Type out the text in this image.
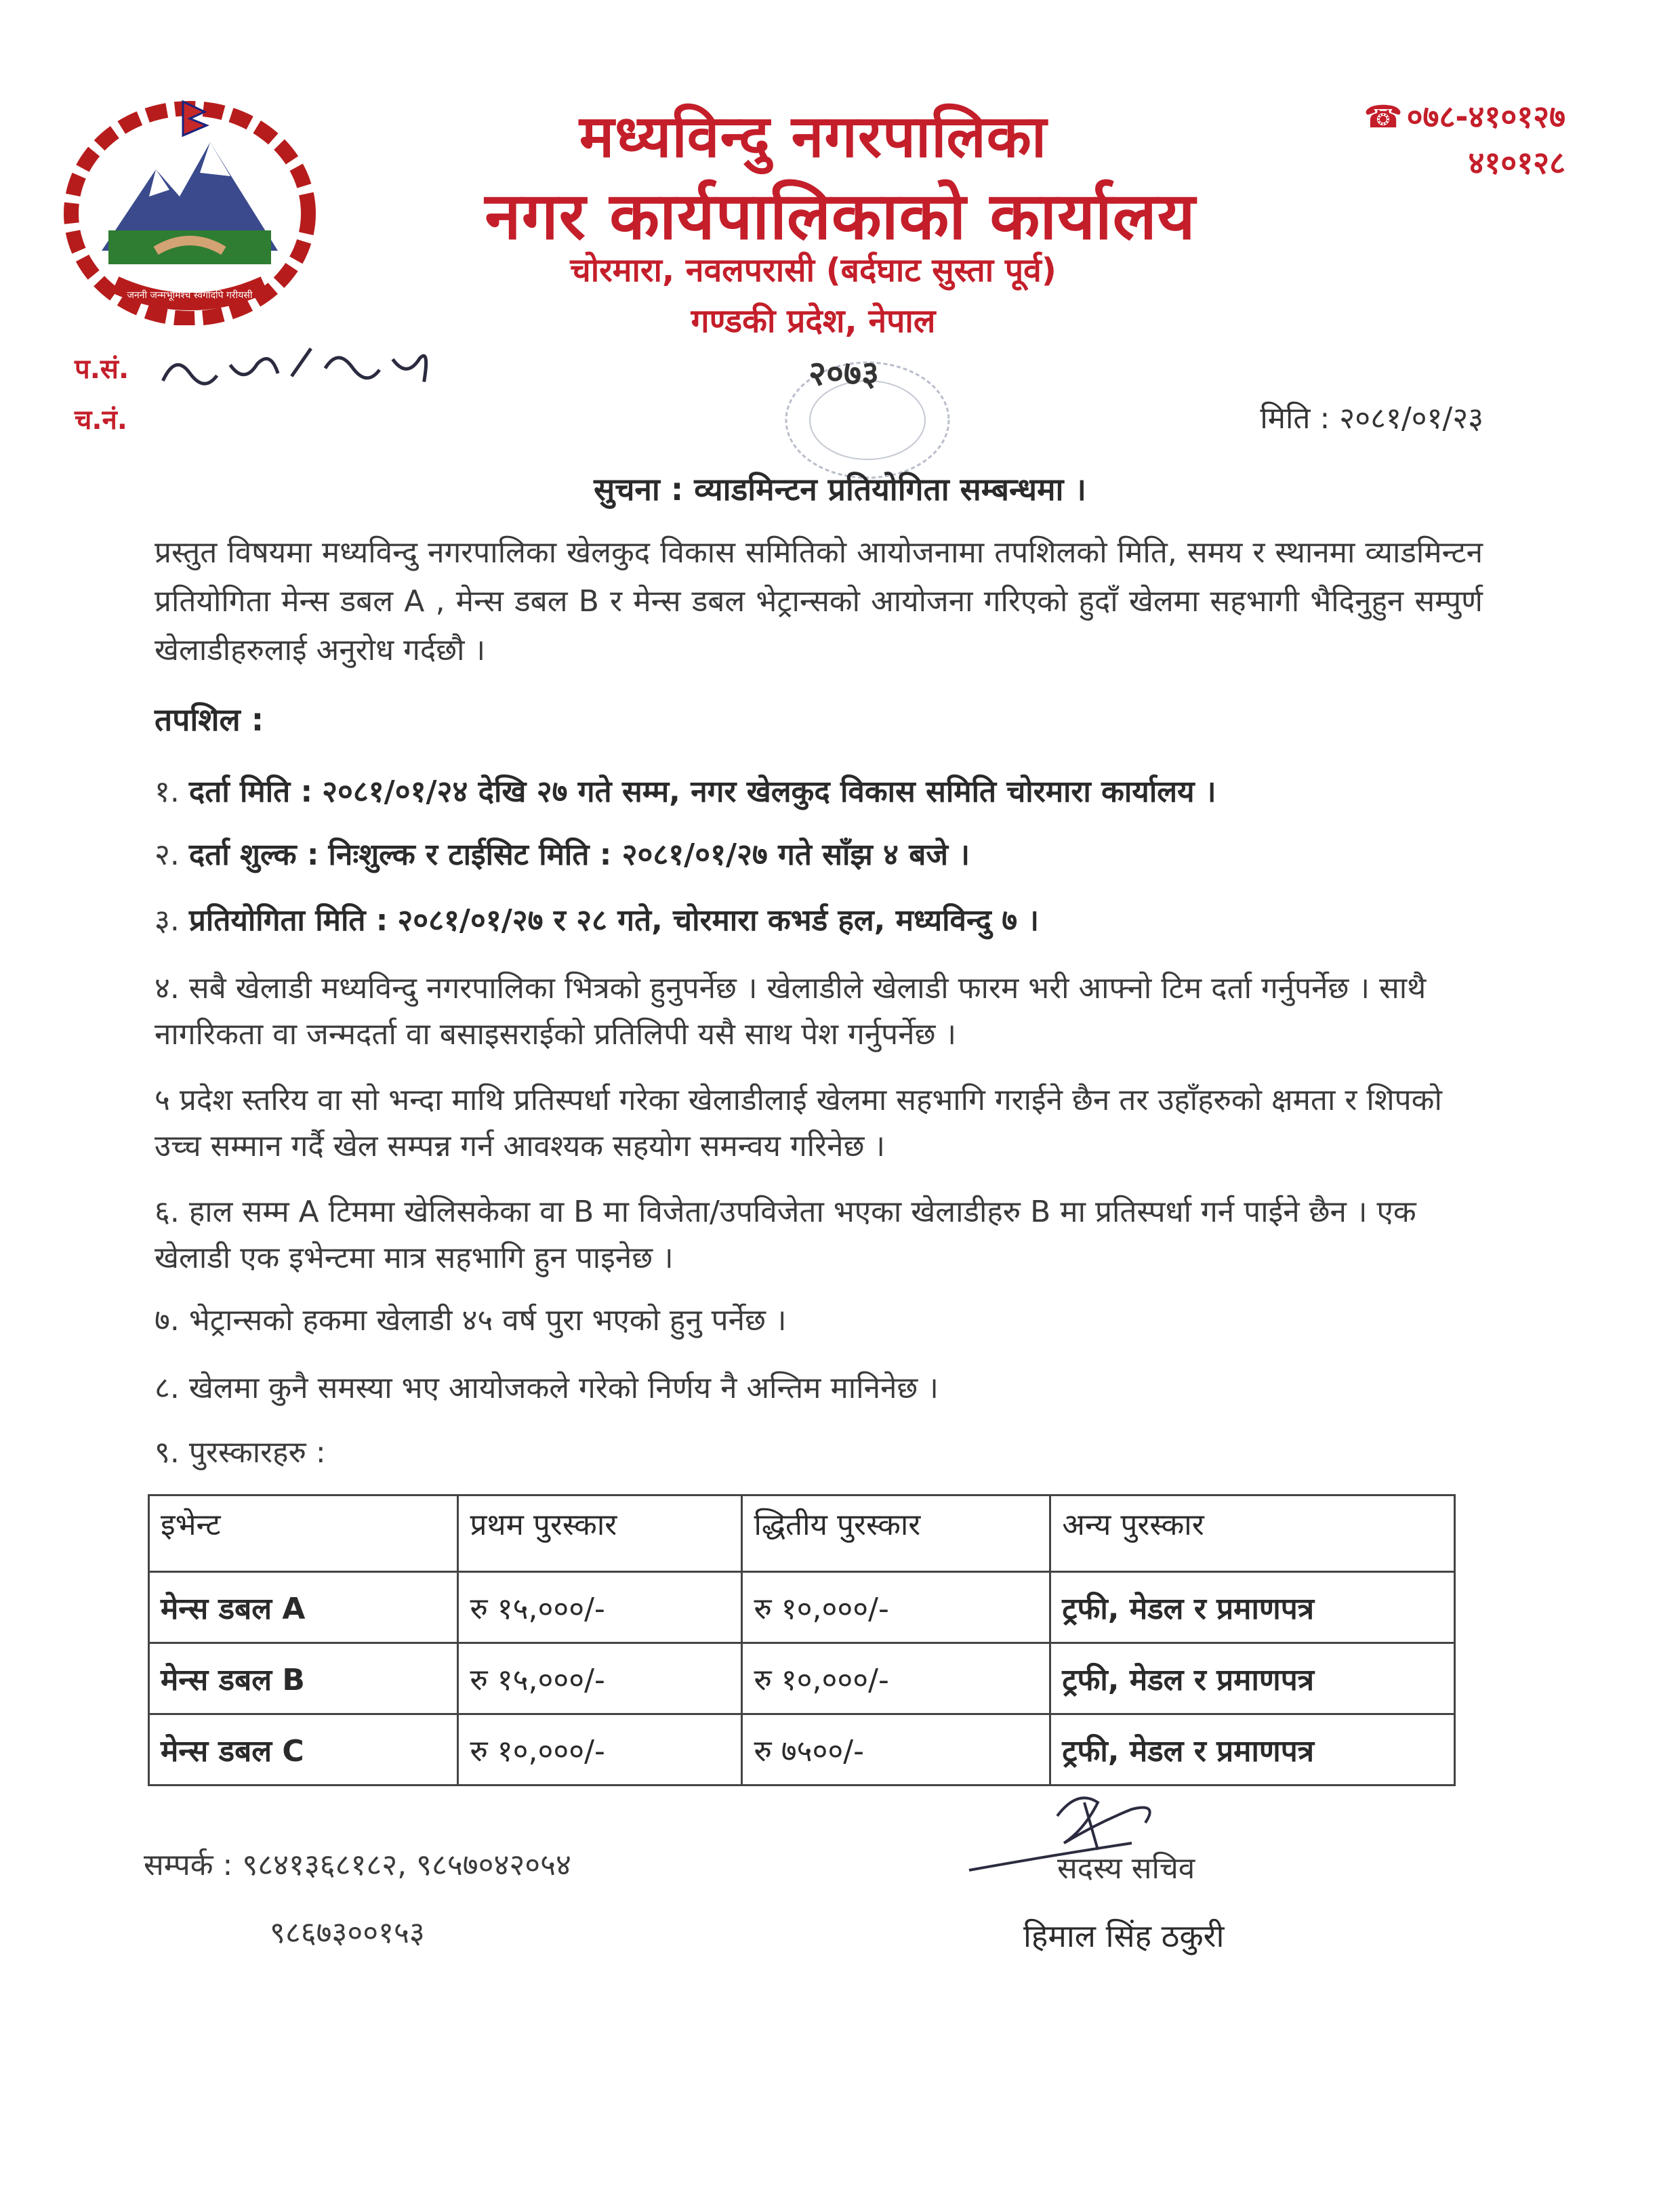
जननी जन्मभूमिश्च स्वर्गादपि गरीयसी
मध्यविन्दु नगरपालिका
नगर कार्यपालिकाको कार्यालय
चोरमारा, नवलपरासी (बर्दघाट सुस्ता पूर्व)
गण्डकी प्रदेश, नेपाल
☎ ०७८-४१०१२७
४१०१२८
प.सं.
च.नं.
२०७३
मिति : २०८१/०१/२३
सुचना : व्याडमिन्टन प्रतियोगिता सम्बन्धमा ।
प्रस्तुत विषयमा मध्यविन्दु नगरपालिका खेलकुद विकास समितिको आयोजनामा तपशिलको मिति, समय र स्थानमा व्याडमिन्टन प्रतियोगिता मेन्स डबल A , मेन्स डबल B र मेन्स डबल भेट्रान्सको आयोजना गरिएको हुदाँ खेलमा सहभागी भैदिनुहुन सम्पुर्ण खेलाडीहरुलाई अनुरोध गर्दछौ ।
तपशिल :
१. दर्ता मिति : २०८१/०१/२४ देखि २७ गते सम्म, नगर खेलकुद विकास समिति चोरमारा कार्यालय ।
२. दर्ता शुल्क : निःशुल्क र टाईसिट मिति : २०८१/०१/२७ गते साँझ ४ बजे ।
३. प्रतियोगिता मिति : २०८१/०१/२७ र २८ गते, चोरमारा कभर्ड हल, मध्यविन्दु ७ ।
४. सबै खेलाडी मध्यविन्दु नगरपालिका भित्रको हुनुपर्नेछ । खेलाडीले खेलाडी फारम भरी आफ्नो टिम दर्ता गर्नुपर्नेछ । साथै नागरिकता वा जन्मदर्ता वा बसाइसराईको प्रतिलिपी यसै साथ पेश गर्नुपर्नेछ ।
५ प्रदेश स्तरिय वा सो भन्दा माथि प्रतिस्पर्धा गरेका खेलाडीलाई खेलमा सहभागि गराईने छैन तर उहाँहरुको क्षमता र शिपको उच्च सम्मान गर्दै खेल सम्पन्न गर्न आवश्यक सहयोग समन्वय गरिनेछ ।
६. हाल सम्म A टिममा खेलिसकेका वा B मा विजेता/उपविजेता भएका खेलाडीहरु B मा प्रतिस्पर्धा गर्न पाईने छैन । एक खेलाडी एक इभेन्टमा मात्र सहभागि हुन पाइनेछ ।
७. भेट्रान्सको हकमा खेलाडी ४५ वर्ष पुरा भएको हुनु पर्नेछ ।
८. खेलमा कुनै समस्या भए आयोजकले गरेको निर्णय नै अन्तिम मानिनेछ ।
९. पुरस्कारहरु :
इभेन्ट	प्रथम पुरस्कार	द्धितीय पुरस्कार	अन्य पुरस्कार
मेन्स डबल A	रु १५,०००/-	रु १०,०००/-	ट्रफी, मेडल र प्रमाणपत्र
मेन्स डबल B	रु १५,०००/-	रु १०,०००/-	ट्रफी, मेडल र प्रमाणपत्र
मेन्स डबल C	रु १०,०००/-	रु ७५००/-	ट्रफी, मेडल र प्रमाणपत्र
सम्पर्क : ९८४१३६८१८२, ९८५७०४२०५४
९८६७३००१५३
सदस्य सचिव
हिमाल सिंह ठकुरी
